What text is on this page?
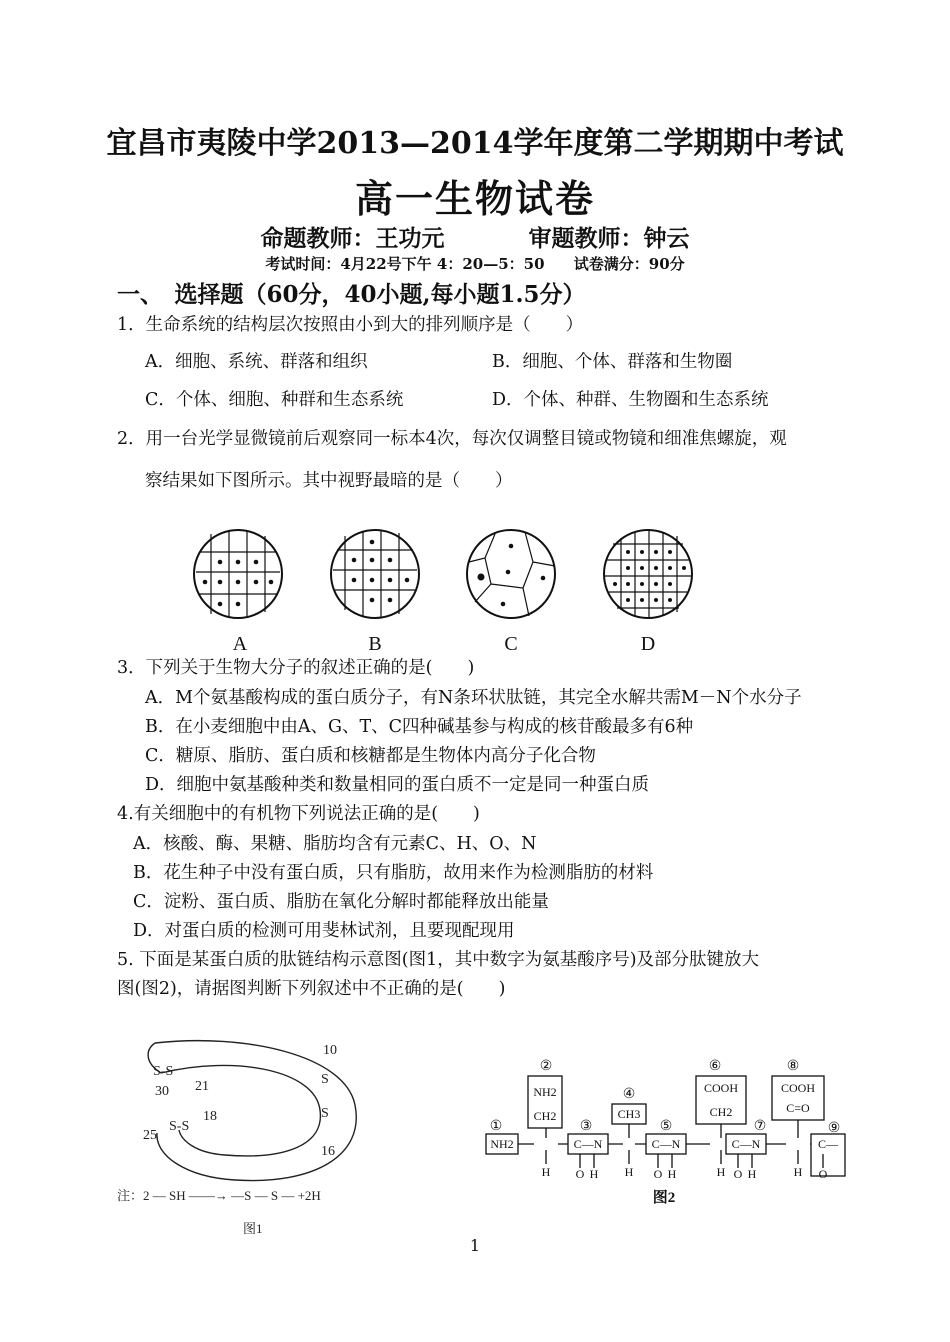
宜昌市夷陵中学2013—2014学年度第二学期期中考试
高一生物试卷
命题教师：王功元	审题教师：钟云
考试时间：4月22号下午 4：20—5：50 试卷满分：90分
一、　选择题（60分，40小题,每小题1.5分）
1．生命系统的结构层次按照由小到大的排列顺序是（　　）
A．细胞、系统、群落和组织	B．细胞、个体、群落和生物圈
C．个体、细胞、种群和生态系统	D．个体、种群、生物圈和生态系统
2．用一台光学显微镜前后观察同一标本4次，每次仅调整目镜或物镜和细准焦螺旋，观
察结果如下图所示。其中视野最暗的是（　　）
A	B	C	D
3．下列关于生物大分子的叙述正确的是(　　)
A．M个氨基酸构成的蛋白质分子，有N条环状肽链，其完全水解共需M－N个水分子
B．在小麦细胞中由A、G、T、C四种碱基参与构成的核苷酸最多有6种
C．糖原、脂肪、蛋白质和核糖都是生物体内高分子化合物
D．细胞中氨基酸种类和数量相同的蛋白质不一定是同一种蛋白质
4.有关细胞中的有机物下列说法正确的是(　　)
A．核酸、酶、果糖、脂肪均含有元素C、H、O、N
B．花生种子中没有蛋白质，只有脂肪，故用来作为检测脂肪的材料
C．淀粉、蛋白质、脂肪在氧化分解时都能释放出能量
D．对蛋白质的检测可用斐林试剂，且要现配现用
5. 下面是某蛋白质的肽链结构示意图(图1，其中数字为氨基酸序号)及部分肽键放大
图(图2)，请据图判断下列叙述中不正确的是(　　)
10
S
S
16
30 21
18
25
S-S
S-S
注：2 — SH ——→ —S — S — +2H
图1
①
②
③
④
⑤
⑥
⑦
⑧
⑨
NH2
NH2
CH2
C—N
CH3
C—N
COOH
CH2
C—N
COOH
C=O
C—
H O H H O H	H O H	H O
图2
1
